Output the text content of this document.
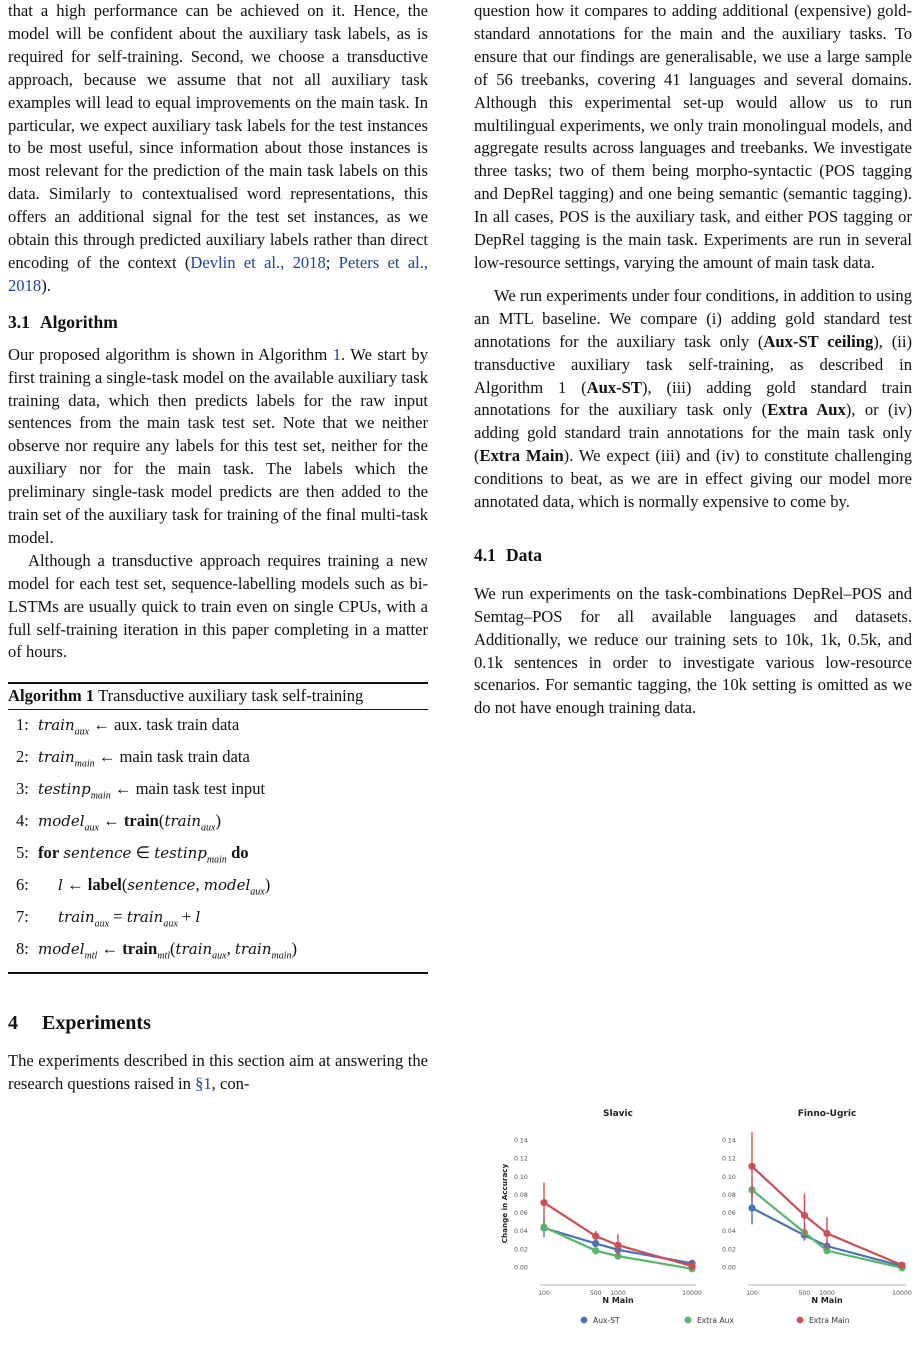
that a high performance can be achieved on it. Hence, the model will be confident about the auxiliary task labels, as is required for self-training. Second, we choose a transductive approach, because we assume that not all auxiliary task examples will lead to equal improvements on the main task. In particular, we expect auxiliary task labels for the test instances to be most useful, since information about those instances is most relevant for the prediction of the main task labels on this data. Similarly to contextualised word representations, this offers an additional signal for the test set instances, as we obtain this through predicted auxiliary labels rather than direct encoding of the context (Devlin et al., 2018; Peters et al., 2018).

3.1 Algorithm

Our proposed algorithm is shown in Algorithm 1. We start by first training a single-task model on the available auxiliary task training data, which then predicts labels for the raw input sentences from the main task test set. Note that we neither observe nor require any labels for this test set, neither for the auxiliary nor for the main task. The labels which the preliminary single-task model predicts are then added to the train set of the auxiliary task for training of the final multi-task model.

Although a transductive approach requires training a new model for each test set, sequence-labelling models such as bi-LSTMs are usually quick to train even on single CPUs, with a full self-training iteration in this paper completing in a matter of hours.

Algorithm 1 Transductive auxiliary task self-training
1: train$_{aux}$ ← aux. task train data
2: train$_{main}$ ← main task train data
3: testinp$_{main}$ ← main task test input
4: model$_{aux}$ ← train(train$_{aux}$)
5: for sentence ∈ testinp$_{main}$ do
6: l ← label(sentence, model$_{aux}$)
7: train$_{aux}$ = train$_{aux}$ + l
8: model$_{mtl}$ ← train$_{mtl}$(train$_{aux}$, train$_{main}$)
4 Experiments

The experiments described in this section aim at answering the research questions raised in §1, con-

question how it compares to adding additional (expensive) gold-standard annotations for the main and the auxiliary tasks. To ensure that our findings are generalisable, we use a large sample of 56 treebanks, covering 41 languages and several domains. Although this experimental set-up would allow us to run multilingual experiments, we only train monolingual models, and aggregate results across languages and treebanks. We investigate three tasks; two of them being morpho-syntactic (POS tagging and DepRel tagging) and one being semantic (semantic tagging). In all cases, POS is the auxiliary task, and either POS tagging or DepRel tagging is the main task. Experiments are run in several low-resource settings, varying the amount of main task data.

We run experiments under four conditions, in addition to using an MTL baseline. We compare (i) adding gold standard test annotations for the auxiliary task only (Aux-ST ceiling), (ii) transductive auxiliary task self-training, as described in Algorithm 1 (Aux-ST), (iii) adding gold standard train annotations for the auxiliary task only (Extra Aux), or (iv) adding gold standard train annotations for the main task only (Extra Main). We expect (iii) and (iv) to constitute challenging conditions to beat, as we are in effect giving our model more annotated data, which is normally expensive to come by.

4.1 Data

We run experiments on the task-combinations DepRel–POS and Semtag–POS for all available languages and datasets. Additionally, we reduce our training sets to 10k, 1k, 0.5k, and 0.1k sentences in order to investigate various low-resource scenarios. For semantic tagging, the 10k setting is omitted as we do not have enough training data.

Slavic
0.00
0.02
0.04
0.06
0.08
0.10
0.12
0.14
100	500 1000	10000
N Main
Change in Accuracy
Finno-Ugric
0.00
0.02
0.04
0.06
0.08
0.10
0.12
0.14
100	500 1000	10000
N Main
Aux-ST	Extra Aux	Extra Main
